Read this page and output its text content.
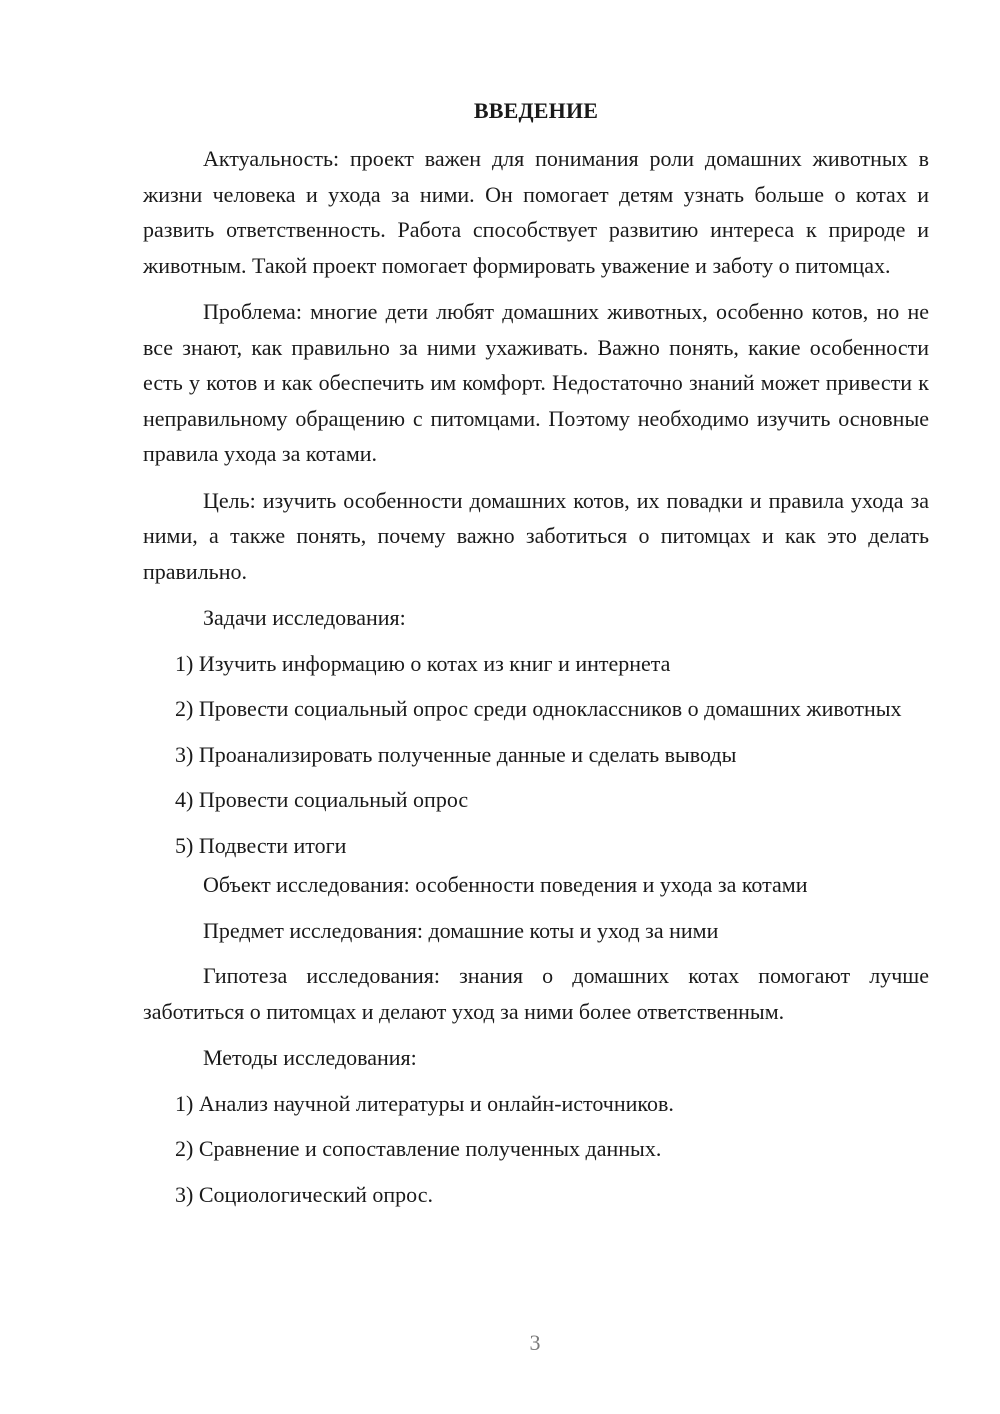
ВВЕДЕНИЕ

Актуальность: проект важен для понимания роли домашних животных в жизни человека и ухода за ними. Он помогает детям узнать больше о котах и развить ответственность. Работа способствует развитию интереса к природе и животным. Такой проект помогает формировать уважение и заботу о питомцах.

Проблема: многие дети любят домашних животных, особенно котов, но не все знают, как правильно за ними ухаживать. Важно понять, какие особенности есть у котов и как обеспечить им комфорт. Недостаточно знаний может привести к неправильному обращению с питомцами. Поэтому необходимо изучить основные правила ухода за котами.

Цель: изучить особенности домашних котов, их повадки и правила ухода за ними, а также понять, почему важно заботиться о питомцах и как это делать правильно.

Задачи исследования:

1) Изучить информацию о котах из книг и интернета

2) Провести социальный опрос среди одноклассников о домашних животных

3) Проанализировать полученные данные и сделать выводы

4) Провести социальный опрос

5) Подвести итоги

Объект исследования: особенности поведения и ухода за котами

Предмет исследования: домашние коты и уход за ними

Гипотеза исследования: знания о домашних котах помогают лучше заботиться о питомцах и делают уход за ними более ответственным.

Методы исследования:

1) Анализ научной литературы и онлайн-источников.

2) Сравнение и сопоставление полученных данных.

3) Социологический опрос.

3
